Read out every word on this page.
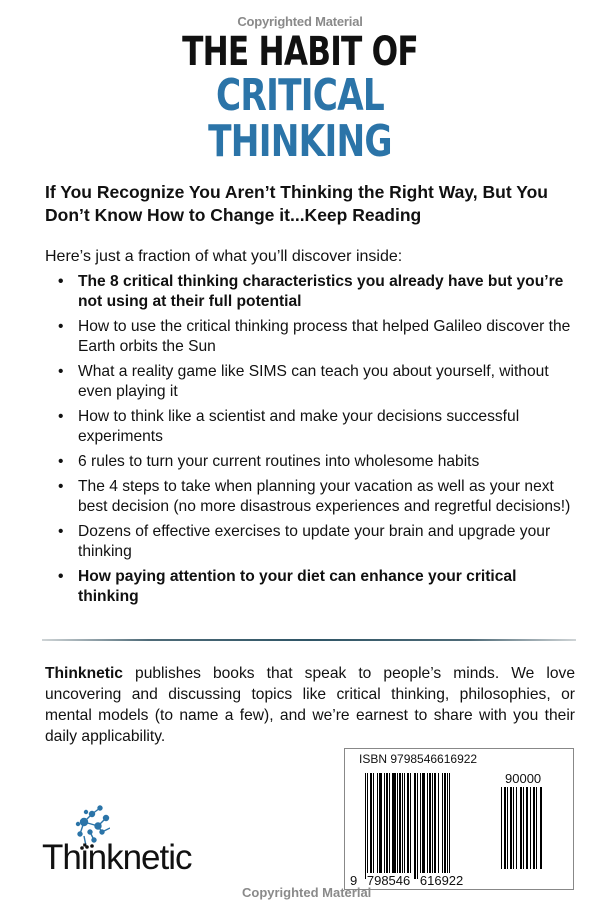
Copyrighted Material
THE HABIT OF
CRITICAL
THINKING
If You Recognize You Aren’t Thinking the Right Way, But You Don’t Know How to Change it...Keep Reading
Here’s just a fraction of what you’ll discover inside:
• The 8 critical thinking characteristics you already have but you’re not using at their full potential
• How to use the critical thinking process that helped Galileo discover the Earth orbits the Sun
• What a reality game like SIMS can teach you about yourself, without even playing it
• How to think like a scientist and make your decisions successful experiments
• 6 rules to turn your current routines into wholesome habits
• The 4 steps to take when planning your vacation as well as your next best decision (no more disastrous experiences and regretful decisions!)
• Dozens of effective exercises to update your brain and upgrade your thinking
• How paying attention to your diet can enhance your critical thinking
Thinknetic publishes books that speak to people’s minds. We love uncovering and discussing topics like critical thinking, philosophies, or mental models (to name a few), and we’re earnest to share with you their daily applicability.
ISBN 9798546616922
90000
9 798546 616922
Thinknetic
Copyrighted Material
